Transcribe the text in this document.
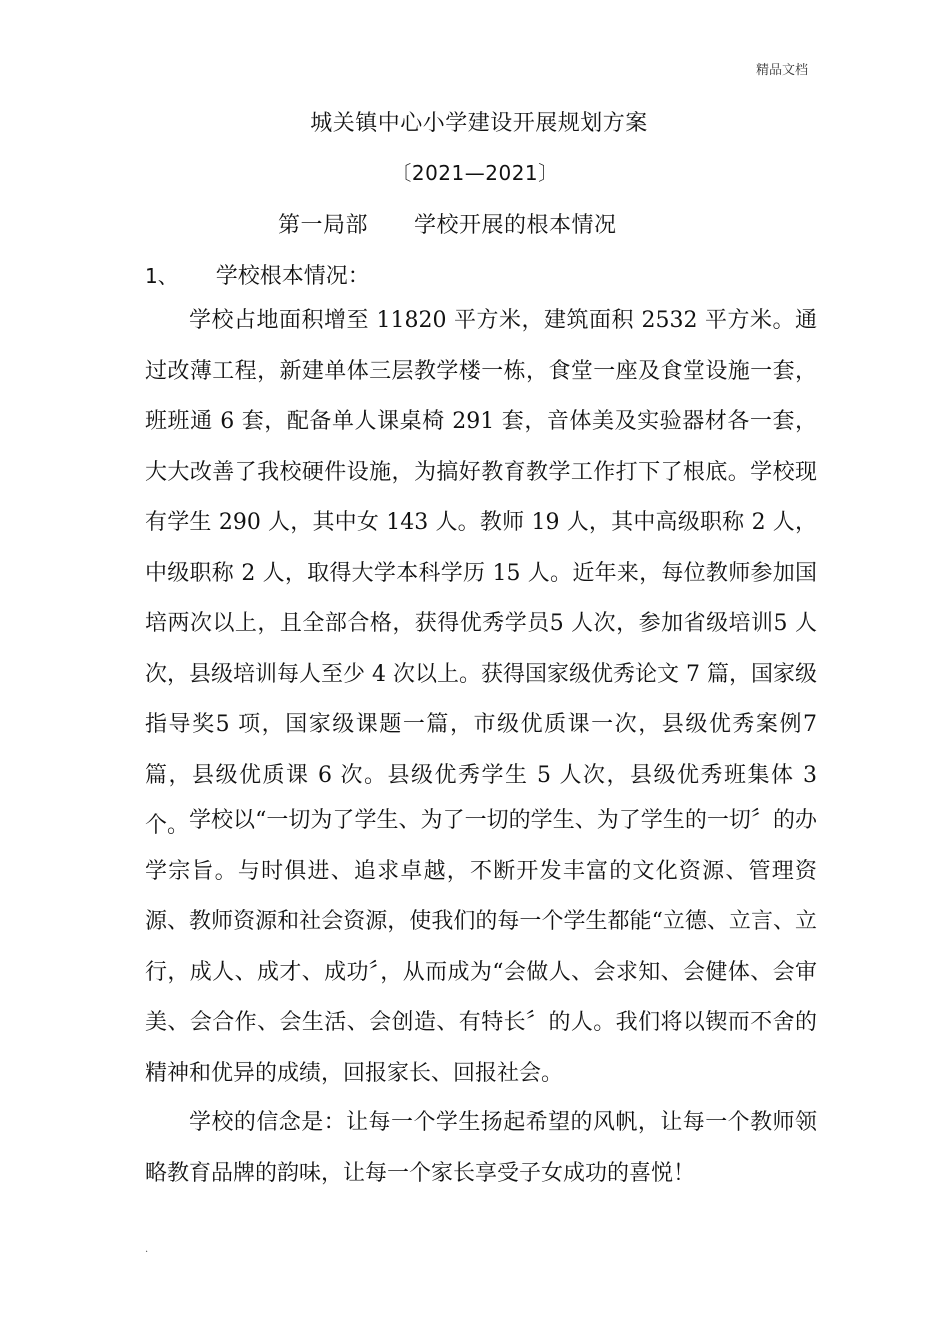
精品文档
城关镇中心小学建设开展规划方案
〔2021—2021〕
第一局部 学校开展的根本情况
1、 学校根本情况：

学校占地面积增至 11820 平方米，建筑面积 2532 平方米。通过改薄工程，新建单体三层教学楼一栋，食堂一座及食堂设施一套，班班通 6 套，配备单人课桌椅 291 套，音体美及实验器材各一套，大大改善了我校硬件设施，为搞好教育教学工作打下了根底。学校现有学生 290 人，其中女 143 人。教师 19 人，其中高级职称 2 人，中级职称 2 人，取得大学本科学历 15 人。近年来，每位教师参加国培两次以上，且全部合格，获得优秀学员5 人次，参加省级培训5 人次，县级培训每人至少 4 次以上。获得国家级优秀论文 7 篇，国家级指导奖5 项，国家级课题一篇，市级优质课一次，县级优秀案例7 篇，县级优质课 6 次。县级优秀学生 5 人次，县级优秀班集体 3 个。 学校以“一切为了学生、为了一切的学生、为了学生的一切〞的办学宗旨。与时俱进、追求卓越，不断开发丰富的文化资源、管理资源、教师资源和社会资源，使我们的每一个学生都能“立德、立言、立行，成人、成才、成功〞，从而成为“会做人、会求知、会健体、会审美、会合作、会生活、会创造、有特长〞的人。我们将以锲而不舍的精神和优异的成绩，回报家长、回报社会。

学校的信念是：让每一个学生扬起希望的风帆，让每一个教师领略教育品牌的韵味，让每一个家长享受子女成功的喜悦！

.
